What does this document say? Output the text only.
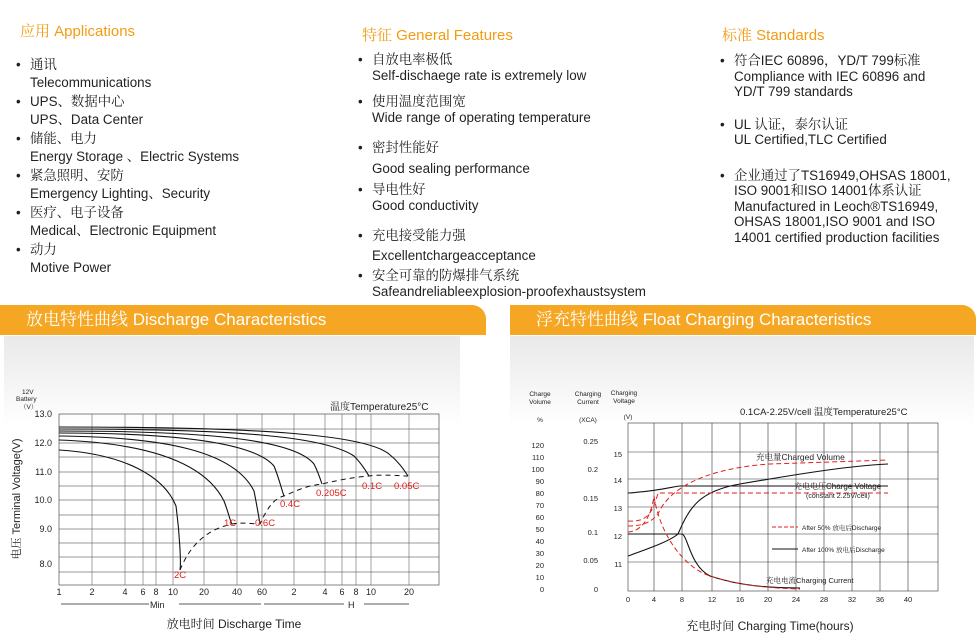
应用 Applications
• 通讯
Telecommunications
• UPS、数据中心
UPS、Data Center
• 储能、电力
Energy Storage 、Electric Systems
• 紧急照明、安防
Emergency Lighting、Security
• 医疗、电子设备
Medical、Electronic Equipment
• 动力
Motive Power
特征 General Features
• 自放电率极低
Self-dischaege rate is extremely low
• 使用温度范围宽
Wide range of operating temperature
• 密封性能好
Good sealing performance
• 导电性好
Good conductivity
• 充电接受能力强
Excellentchargeacceptance
• 安全可靠的防爆排气系统
Safeandreliableexplosion-proofexhaustsystem
标准 Standards
• 符合IEC 60896，YD/T 799标准
Compliance with IEC 60896 and
YD/T 799 standards
• UL 认证，泰尔认证
UL Certified,TLC Certified
• 企业通过了TS16949,OHSAS 18001,
ISO 9001和ISO 14001体系认证
Manufactured in Leoch®TS16949,
OHSAS 18001,ISO 9001 and ISO
14001 certified production facilities
放电特性曲线 Discharge Characteristics	浮充特性曲线 Float Charging Characteristics
13.0
12.0
11.0
10.0
9.0
8.0
1	2	4 6 8 10 20	40 60	2	4 6 8 10	20
2C
1C 0.6C
0.4C
0.205C
0.1C 0.05C
12V
Battery
（V）
电压 Terminal Voltage(V)
温度Temperature25°C
Min	H
放电时间 Discharge Time
Charge
Volume
Charging
Current
Charging
Voltage
%	(XCA)	(V)	0.1CA-2.25V/cell 温度Temperature25°C
0
10
20
30
40
50
60
70
80
90
100
110
120
0
0.05
0.1
0.15
0.2
0.25
11
12
13
14
15
0	4	8	12	16	20	24	28	32	36	40
充电量Charged Volume
充电电压Charge Voltage
(constant 2.25V/cell)
After 50% 放电后Discharge
After 100% 放电后Discharge
充电电流Charging Current
充电时间 Charging Time(hours)
